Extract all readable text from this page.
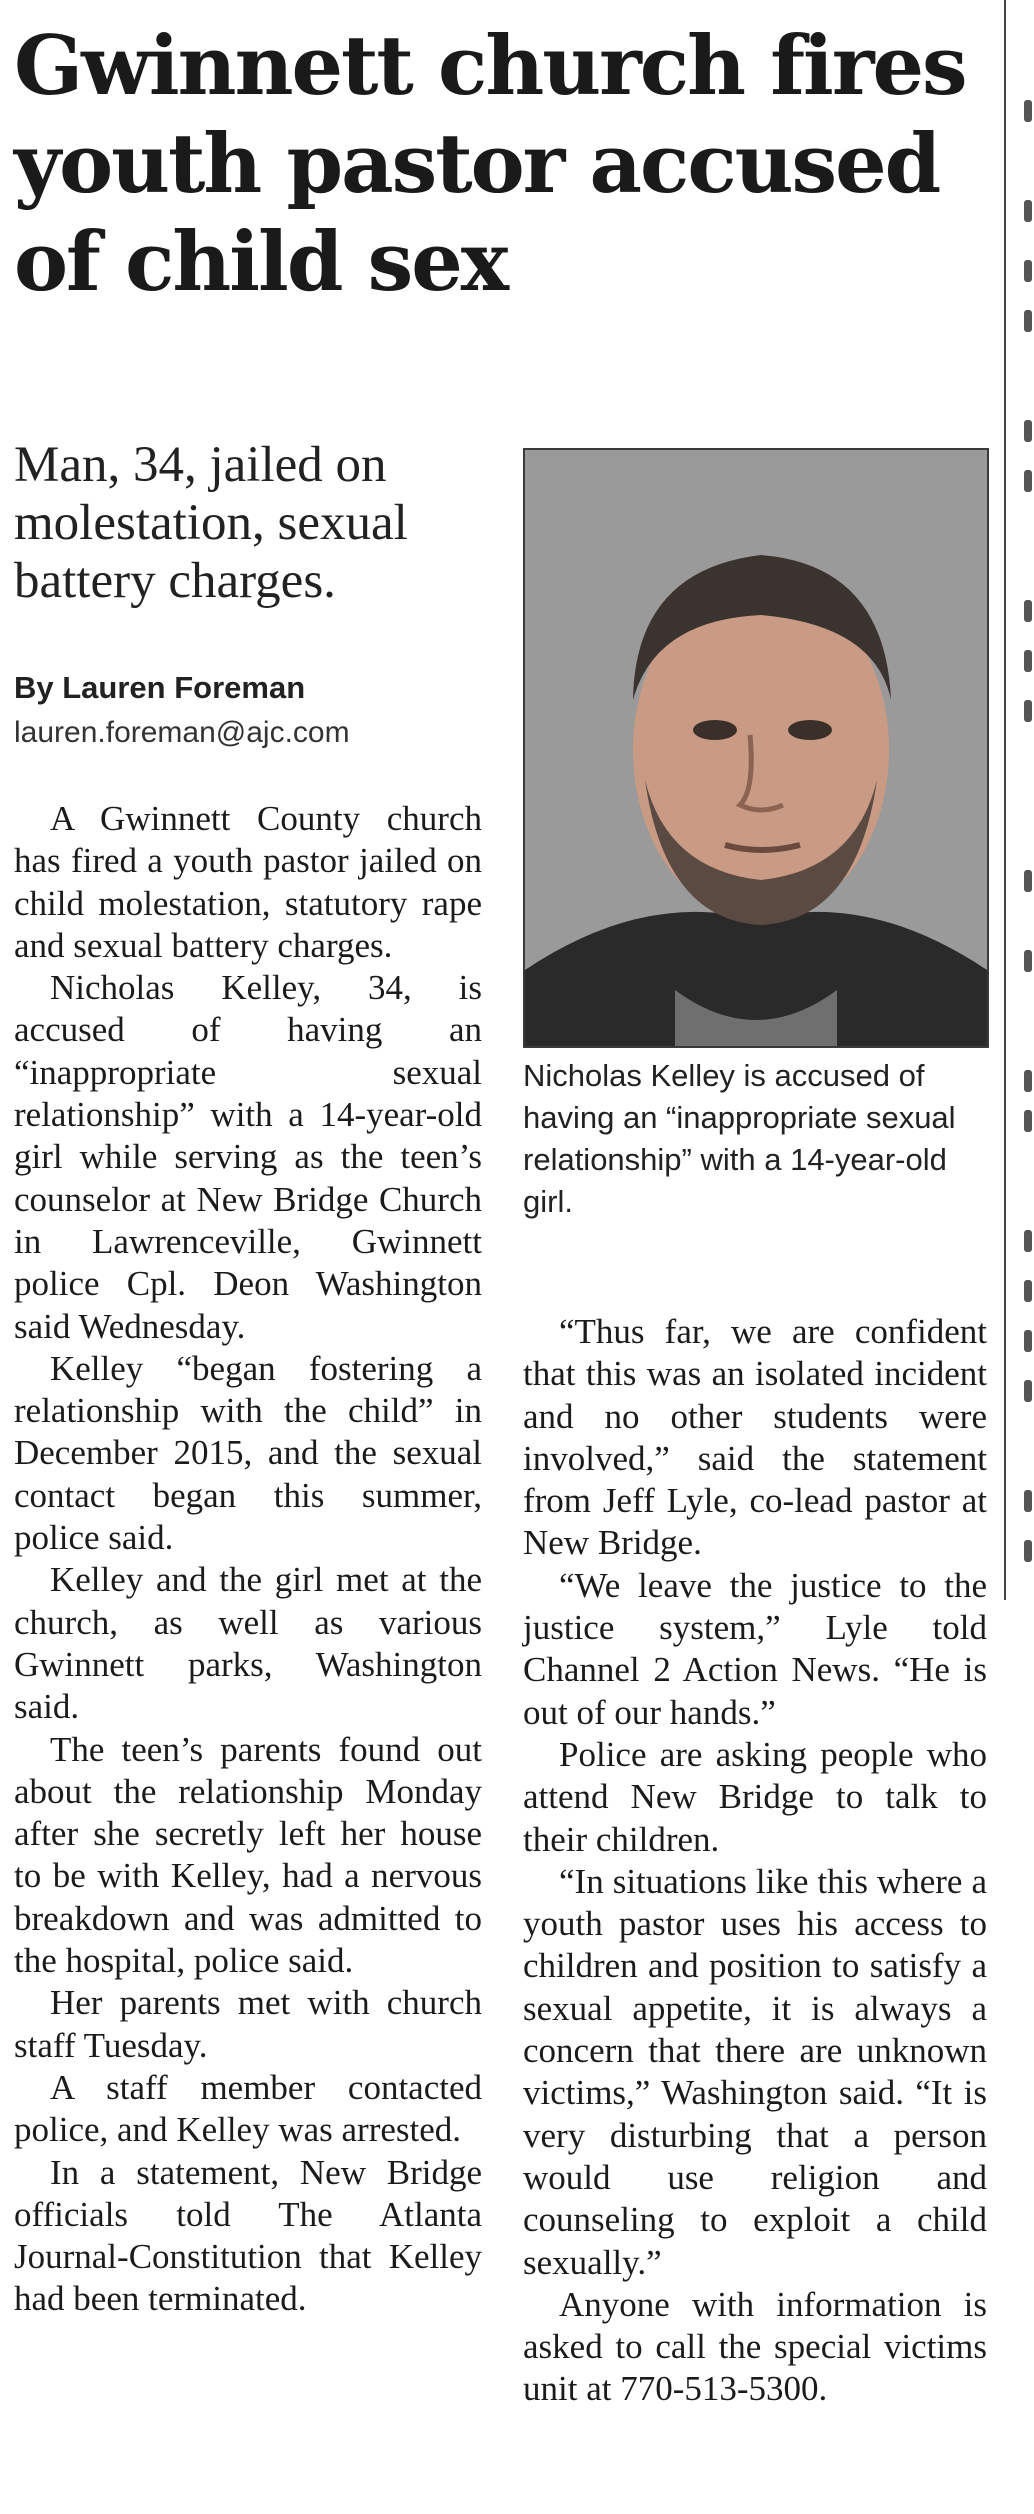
Gwinnett church fires youth pastor accused of child sex
Man, 34, jailed on molestation, sexual battery charges.
By Lauren Foreman
lauren.foreman@ajc.com

A Gwinnett County church has fired a youth pastor jailed on child molestation, statutory rape and sexual battery charges.

Nicholas Kelley, 34, is accused of having an “inappropriate sexual relationship” with a 14-year-old girl while serving as the teen’s counselor at New Bridge Church in Lawrenceville, Gwinnett police Cpl. Deon Washington said Wednesday.

Kelley “began fostering a relationship with the child” in December 2015, and the sexual contact began this summer, police said.

Kelley and the girl met at the church, as well as various Gwinnett parks, Washington said.

The teen’s parents found out about the relationship Monday after she secretly left her house to be with Kelley, had a nervous breakdown and was admitted to the hospital, police said.

Her parents met with church staff Tuesday.

A staff member contacted police, and Kelley was arrested.

In a statement, New Bridge officials told The Atlanta Journal-Constitution that Kelley had been terminated.

Nicholas Kelley is accused of having an “inappropriate sexual relationship” with a 14-year-old girl.

“Thus far, we are confident that this was an isolated incident and no other students were involved,” said the statement from Jeff Lyle, co-lead pastor at New Bridge.

“We leave the justice to the justice system,” Lyle told Channel 2 Action News. “He is out of our hands.”

Police are asking people who attend New Bridge to talk to their children.

“In situations like this where a youth pastor uses his access to children and position to satisfy a sexual appetite, it is always a concern that there are unknown victims,” Washington said. “It is very disturbing that a person would use religion and counseling to exploit a child sexually.”

Anyone with information is asked to call the special victims unit at 770-513-5300.
